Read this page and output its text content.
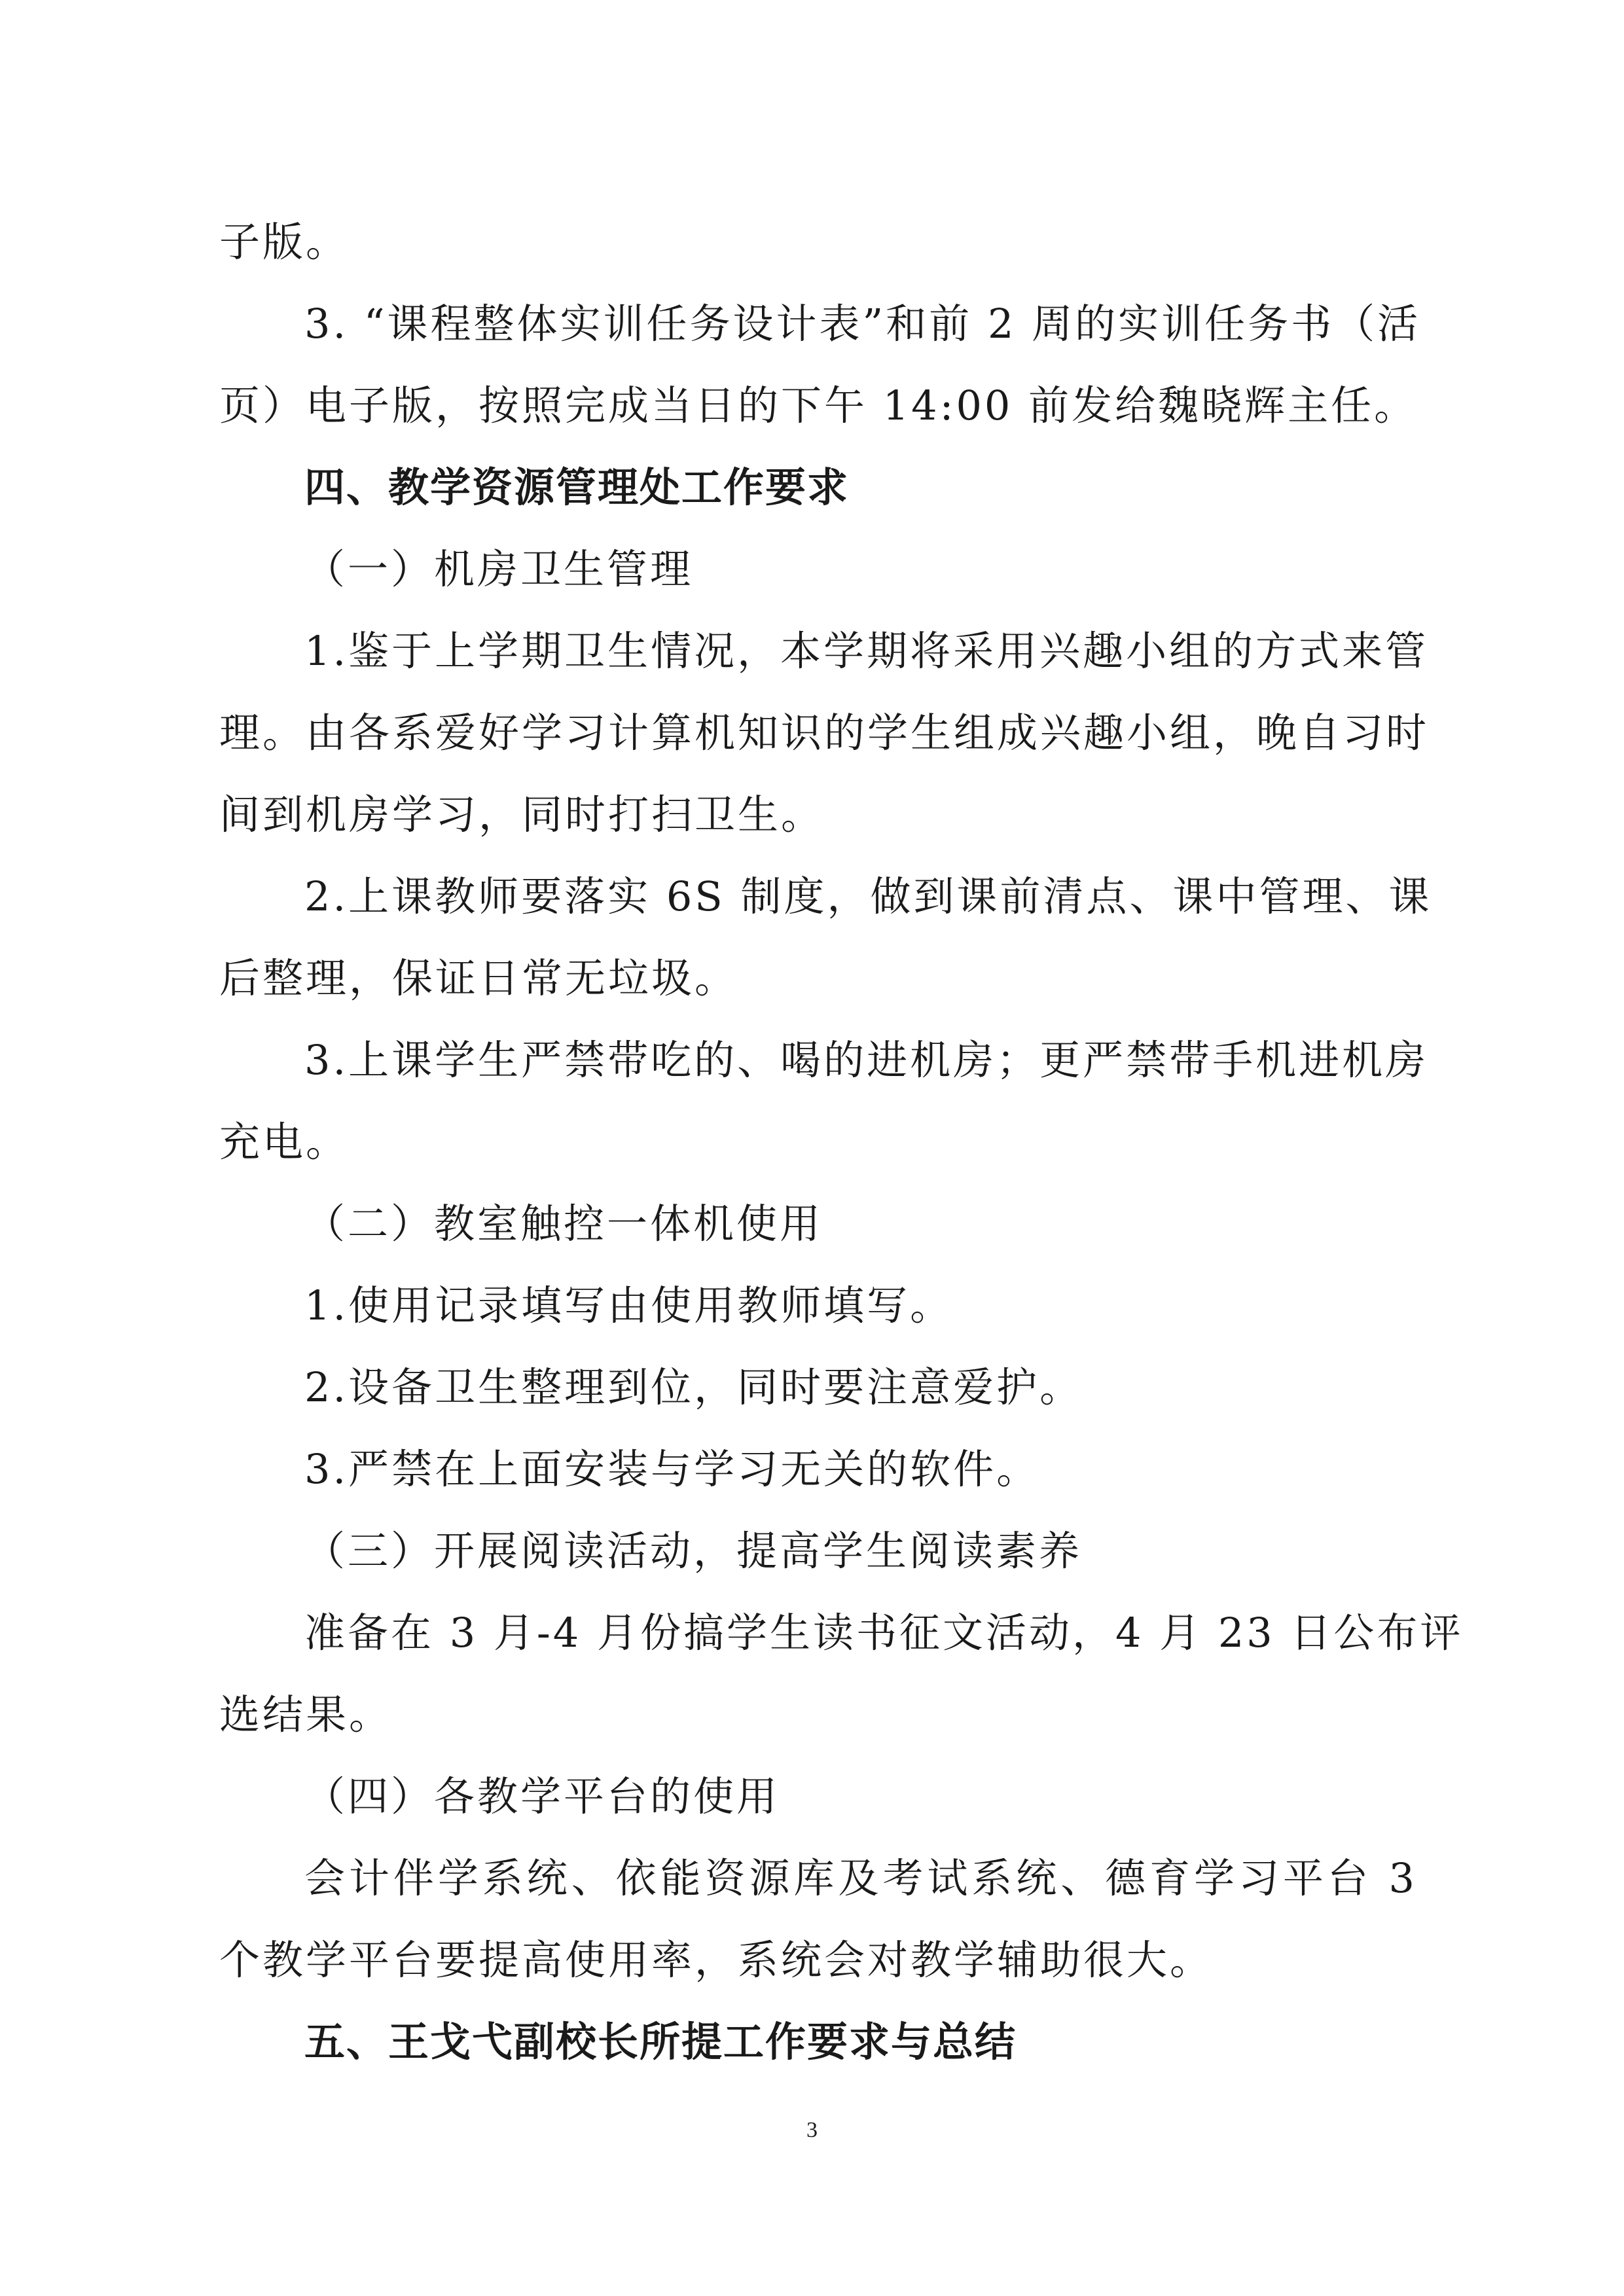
子版。
3. “课程整体实训任务设计表”和前 2 周的实训任务书（活
页）电子版，按照完成当日的下午 14:00 前发给魏晓辉主任。
四、教学资源管理处工作要求
（一）机房卫生管理
1.鉴于上学期卫生情况，本学期将采用兴趣小组的方式来管
理。由各系爱好学习计算机知识的学生组成兴趣小组，晚自习时
间到机房学习，同时打扫卫生。
2.上课教师要落实 6S 制度，做到课前清点、课中管理、课
后整理，保证日常无垃圾。
3.上课学生严禁带吃的、喝的进机房；更严禁带手机进机房
充电。
（二）教室触控一体机使用
1.使用记录填写由使用教师填写。
2.设备卫生整理到位，同时要注意爱护。
3.严禁在上面安装与学习无关的软件。
（三）开展阅读活动，提高学生阅读素养
准备在 3 月-4 月份搞学生读书征文活动，4 月 23 日公布评
选结果。
（四）各教学平台的使用
会计伴学系统、依能资源库及考试系统、德育学习平台 3
个教学平台要提高使用率，系统会对教学辅助很大。
五、王戈弋副校长所提工作要求与总结
3
